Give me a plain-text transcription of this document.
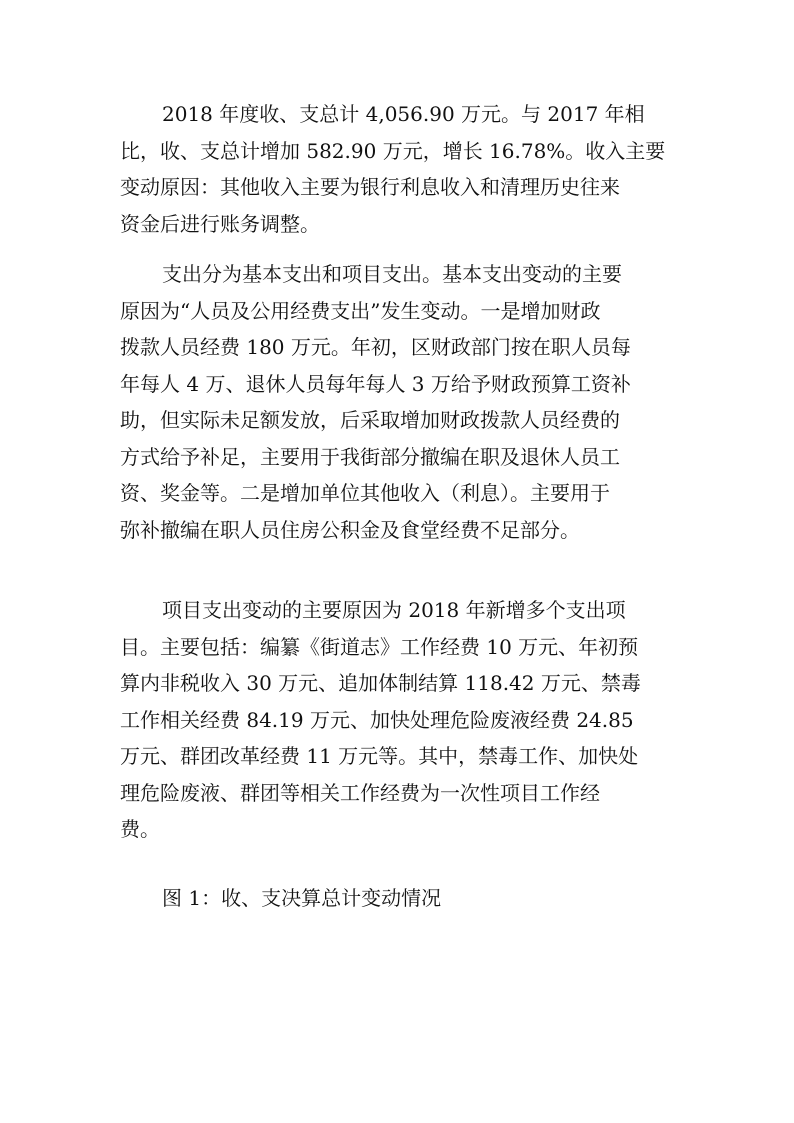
2018 年度收、支总计 4,056.90 万元。与 2017 年相
比，收、支总计增加 582.90 万元，增长 16.78%。收入主要
变动原因：其他收入主要为银行利息收入和清理历史往来
资金后进行账务调整。

支出分为基本支出和项目支出。基本支出变动的主要
原因为“人员及公用经费支出”发生变动。一是增加财政
拨款人员经费 180 万元。年初，区财政部门按在职人员每
年每人 4 万、退休人员每年每人 3 万给予财政预算工资补
助，但实际未足额发放，后采取增加财政拨款人员经费的
方式给予补足，主要用于我街部分撤编在职及退休人员工
资、奖金等。二是增加单位其他收入（利息）。主要用于
弥补撤编在职人员住房公积金及食堂经费不足部分。

项目支出变动的主要原因为 2018 年新增多个支出项
目。主要包括：编纂《街道志》工作经费 10 万元、年初预
算内非税收入 30 万元、追加体制结算 118.42 万元、禁毒
工作相关经费 84.19 万元、加快处理危险废液经费 24.85
万元、群团改革经费 11 万元等。其中，禁毒工作、加快处
理危险废液、群团等相关工作经费为一次性项目工作经
费。

图 1：收、支决算总计变动情况
